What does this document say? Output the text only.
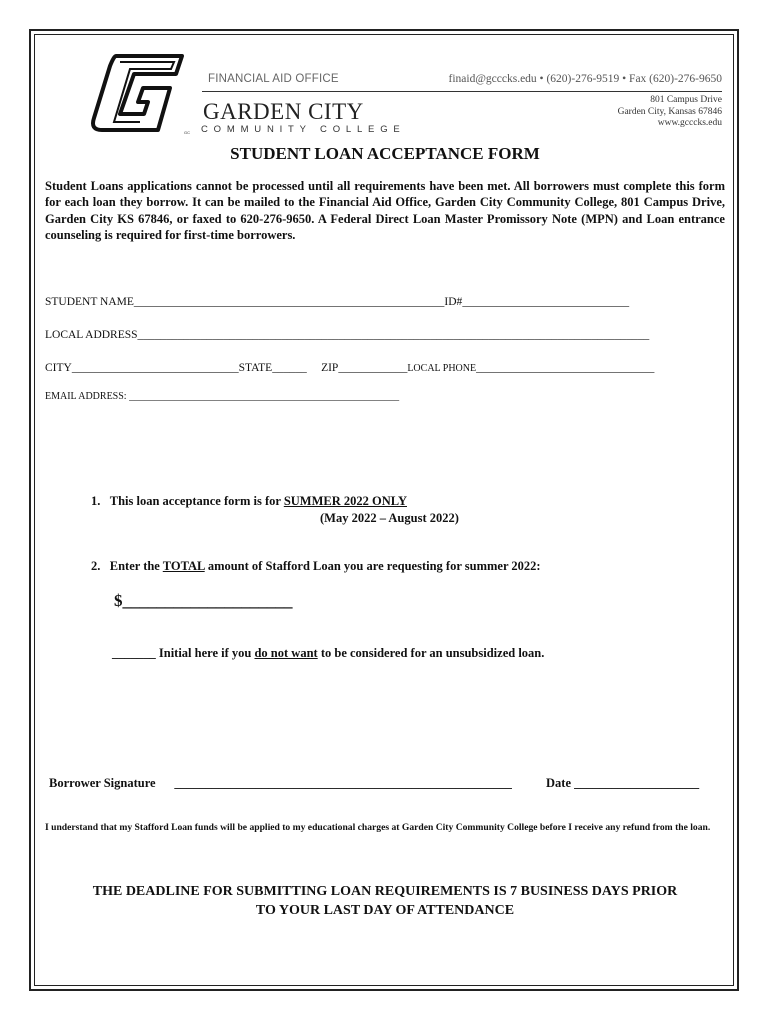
GC
FINANCIAL AID OFFICE	finaid@gcccks.edu • (620)-276-9519 • Fax (620)-276-9650
GARDEN CITY
COMMUNITY COLLEGE
801 Campus Drive
Garden City, Kansas 67846
www.gcccks.edu
STUDENT LOAN ACCEPTANCE FORM
Student Loans applications cannot be processed until all requirements have been met. All borrowers must complete this form for each loan they borrow. It can be mailed to the Financial Aid Office, Garden City Community College, 801 Campus Drive, Garden City KS 67846, or faxed to 620-276-9650. A Federal Direct Loan Master Promissory Note (MPN) and Loan entrance counseling is required for first-time borrowers.
STUDENT NAME______________________________________________________ID#_____________________________
LOCAL ADDRESS_________________________________________________________________________________________
CITY_____________________________STATE______     ZIP____________LOCAL PHONE_______________________________
EMAIL ADDRESS: ______________________________________________________
1. This loan acceptance form is for SUMMER 2022 ONLY
(May 2022 – August 2022)
2. Enter the TOTAL amount of Stafford Loan you are requesting for summer 2022:
$____________________
_______ Initial here if you do not want to be considered for an unsubsidized loan.
Borrower Signature      ______________________________________________________	Date ____________________
I understand that my Stafford Loan funds will be applied to my educational charges at Garden City Community College before I receive any refund from the loan.
THE DEADLINE FOR SUBMITTING LOAN REQUIREMENTS IS 7 BUSINESS DAYS PRIOR
TO YOUR LAST DAY OF ATTENDANCE
